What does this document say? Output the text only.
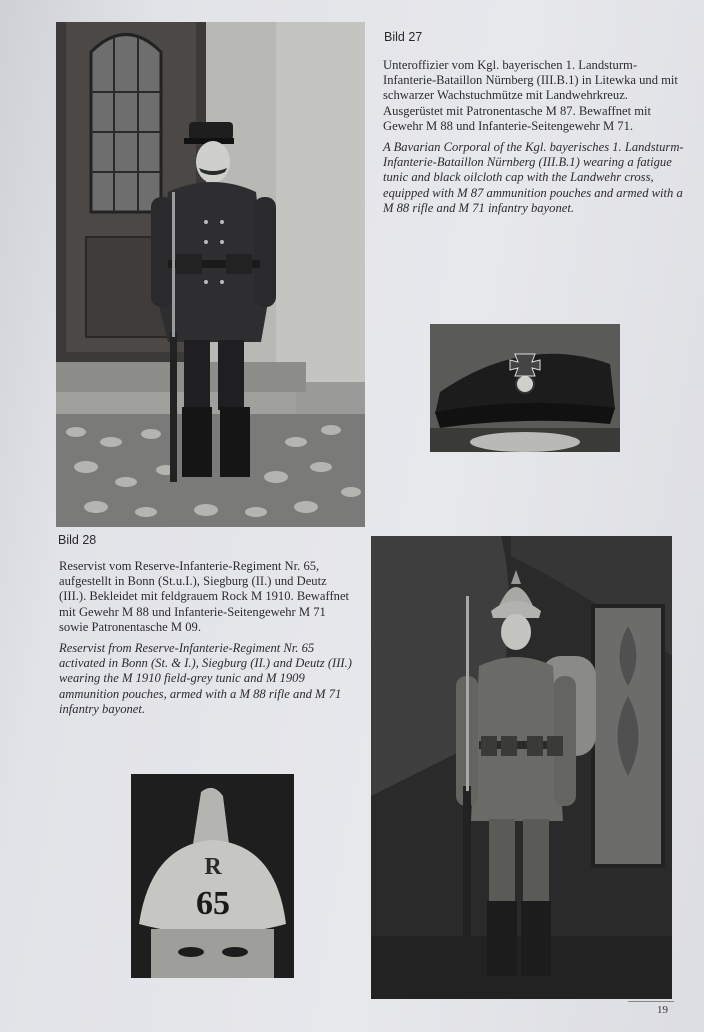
Bild 27

Unteroffizier vom Kgl. bayerischen 1. Landsturm-Infanterie-Bataillon Nürnberg (III.B.1) in Litewka und mit schwarzer Wachstuchmütze mit Landwehrkreuz. Ausgerüstet mit Patronentasche M 87. Bewaffnet mit Gewehr M 88 und Infanterie-Seitengewehr M 71.

A Bavarian Corporal of the Kgl. bayerisches 1. Landsturm-Infanterie-Bataillon Nürnberg (III.B.1) wearing a fatigue tunic and black oilcloth cap with the Landwehr cross, equipped with M 87 ammunition pouches and armed with a M 88 rifle and M 71 infantry bayonet.

Bild 28

Reservist vom Reserve-Infanterie-Regiment Nr. 65, aufgestellt in Bonn (St.u.I.), Siegburg (II.) und Deutz (III.). Bekleidet mit feldgrauem Rock M 1910. Bewaffnet mit Gewehr M 88 und Infanterie-Seitengewehr M 71 sowie Patronentasche M 09.

Reservist from Reserve-Infanterie-Regiment Nr. 65 activated in Bonn (St. & I.), Siegburg (II.) and Deutz (III.) wearing the M 1910 field-grey tunic and M 1909 ammunition pouches, armed with a M 88 rifle and M 71 infantry bayonet.

R
65
19
